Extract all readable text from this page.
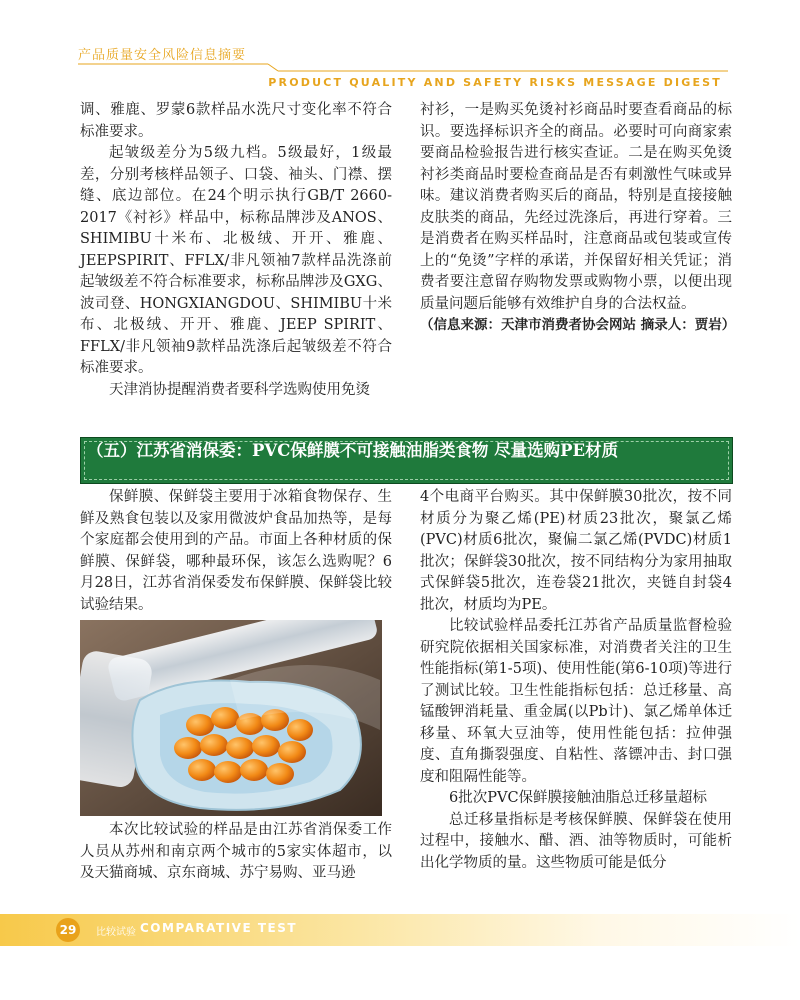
产品质量安全风险信息摘要
PRODUCT QUALITY AND SAFETY RISKS MESSAGE DIGEST

调、雅鹿、罗蒙6款样品水洗尺寸变化率不符合标准要求。

起皱级差分为5级九档。5级最好，1级最差，分别考核样品领子、口袋、袖头、门襟、摆缝、底边部位。在24个明示执行GB/T 2660-2017《衬衫》样品中，标称品牌涉及ANOS、SHIMIBU十米布、北极绒、开开、雅鹿、JEEPSPIRIT、FFLX/非凡领袖7款样品洗涤前起皱级差不符合标准要求，标称品牌涉及GXG、波司登、HONGXIANGDOU、SHIMIBU十米布、北极绒、开开、雅鹿、JEEP SPIRIT、FFLX/非凡领袖9款样品洗涤后起皱级差不符合标准要求。

天津消协提醒消费者要科学选购使用免烫

衬衫，一是购买免烫衬衫商品时要查看商品的标识。要选择标识齐全的商品。必要时可向商家索要商品检验报告进行核实查证。二是在购买免烫衬衫类商品时要检查商品是否有刺激性气味或异味。建议消费者购买后的商品，特别是直接接触皮肤类的商品，先经过洗涤后，再进行穿着。三是消费者在购买样品时，注意商品或包装或宣传上的“免烫”字样的承诺，并保留好相关凭证；消费者要注意留存购物发票或购物小票，以便出现质量问题后能够有效维护自身的合法权益。

（信息来源：天津市消费者协会网站 摘录人：贾岩）

（五）江苏省消保委：PVC保鲜膜不可接触油脂类食物 尽量选购PE材质

保鲜膜、保鲜袋主要用于冰箱食物保存、生鲜及熟食包装以及家用微波炉食品加热等，是每个家庭都会使用到的产品。市面上各种材质的保鲜膜、保鲜袋，哪种最环保，该怎么选购呢？6月28日，江苏省消保委发布保鲜膜、保鲜袋比较试验结果。

本次比较试验的样品是由江苏省消保委工作人员从苏州和南京两个城市的5家实体超市，以及天猫商城、京东商城、苏宁易购、亚马逊

4个电商平台购买。其中保鲜膜30批次，按不同材质分为聚乙烯(PE)材质23批次，聚氯乙烯(PVC)材质6批次，聚偏二氯乙烯(PVDC)材质1批次；保鲜袋30批次，按不同结构分为家用抽取式保鲜袋5批次，连卷袋21批次，夹链自封袋4批次，材质均为PE。

比较试验样品委托江苏省产品质量监督检验研究院依据相关国家标准，对消费者关注的卫生性能指标(第1-5项)、使用性能(第6-10项)等进行了测试比较。卫生性能指标包括：总迁移量、高锰酸钾消耗量、重金属(以Pb计)、氯乙烯单体迁移量、环氧大豆油等，使用性能包括：拉伸强度、直角撕裂强度、自粘性、落镖冲击、封口强度和阻隔性能等。

6批次PVC保鲜膜接触油脂总迁移量超标

总迁移量指标是考核保鲜膜、保鲜袋在使用过程中，接触水、醋、酒、油等物质时，可能析出化学物质的量。这些物质可能是低分

29	比较试验 COMPARATIVE TEST
